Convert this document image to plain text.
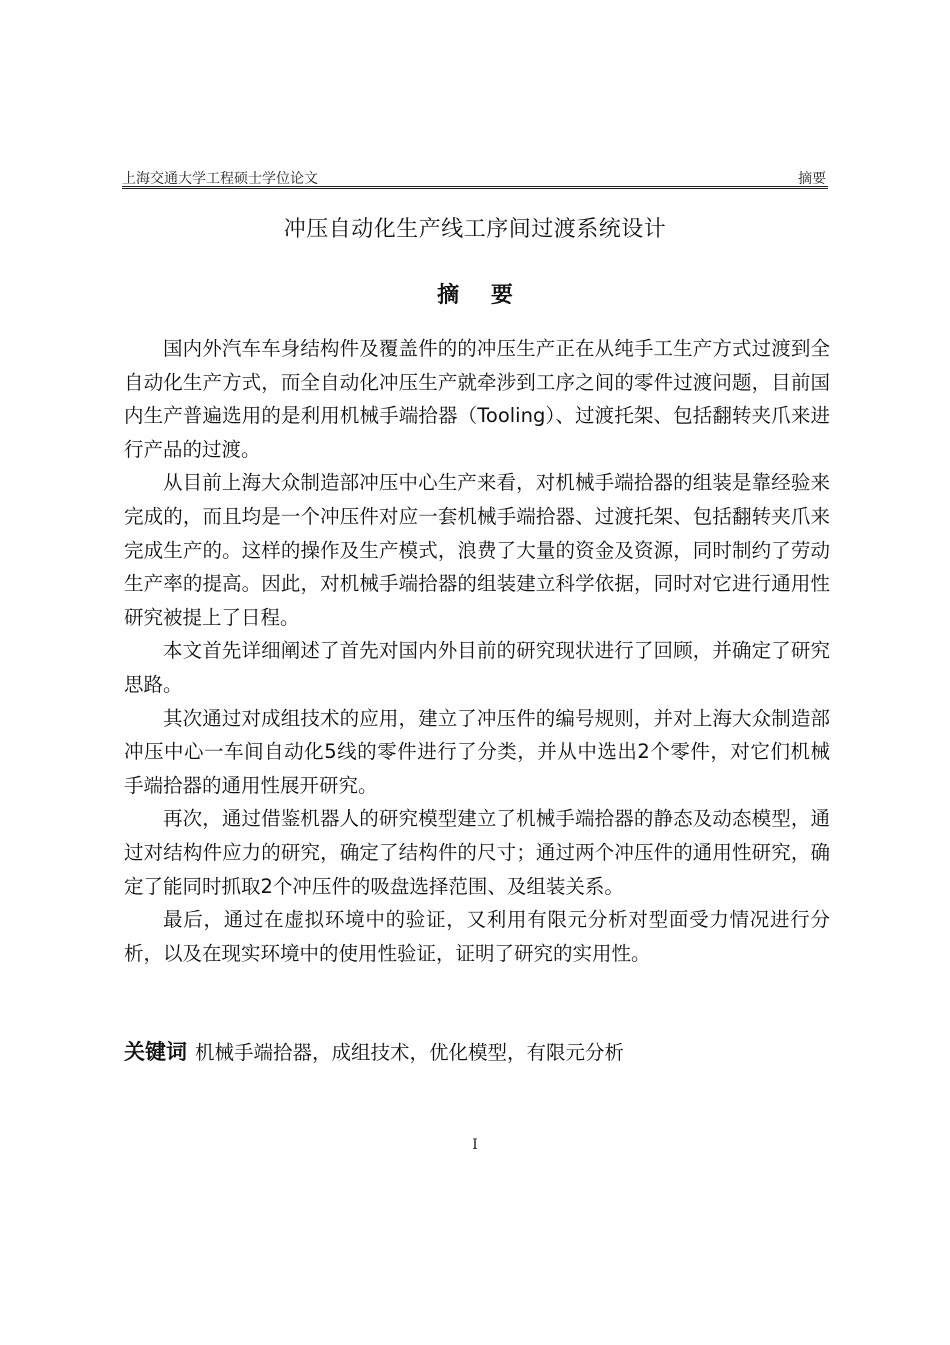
上海交通大学工程硕士学位论文	摘要
冲压自动化生产线工序间过渡系统设计
摘 要

国内外汽车车身结构件及覆盖件的的冲压生产正在从纯手工生产方式过渡到全自动化生产方式，而全自动化冲压生产就牵涉到工序之间的零件过渡问题，目前国内生产普遍选用的是利用机械手端拾器（Tooling）、过渡托架、包括翻转夹爪来进行产品的过渡。

从目前上海大众制造部冲压中心生产来看，对机械手端拾器的组装是靠经验来完成的，而且均是一个冲压件对应一套机械手端拾器、过渡托架、包括翻转夹爪来完成生产的。这样的操作及生产模式，浪费了大量的资金及资源，同时制约了劳动生产率的提高。因此，对机械手端拾器的组装建立科学依据，同时对它进行通用性研究被提上了日程。

本文首先详细阐述了首先对国内外目前的研究现状进行了回顾，并确定了研究思路。

其次通过对成组技术的应用，建立了冲压件的编号规则，并对上海大众制造部冲压中心一车间自动化5线的零件进行了分类，并从中选出2个零件，对它们机械手端拾器的通用性展开研究。

再次，通过借鉴机器人的研究模型建立了机械手端拾器的静态及动态模型，通过对结构件应力的研究，确定了结构件的尺寸；通过两个冲压件的通用性研究，确定了能同时抓取2个冲压件的吸盘选择范围、及组装关系。

最后，通过在虚拟环境中的验证，又利用有限元分析对型面受力情况进行分析，以及在现实环境中的使用性验证，证明了研究的实用性。

关键词 机械手端拾器，成组技术，优化模型，有限元分析
I
